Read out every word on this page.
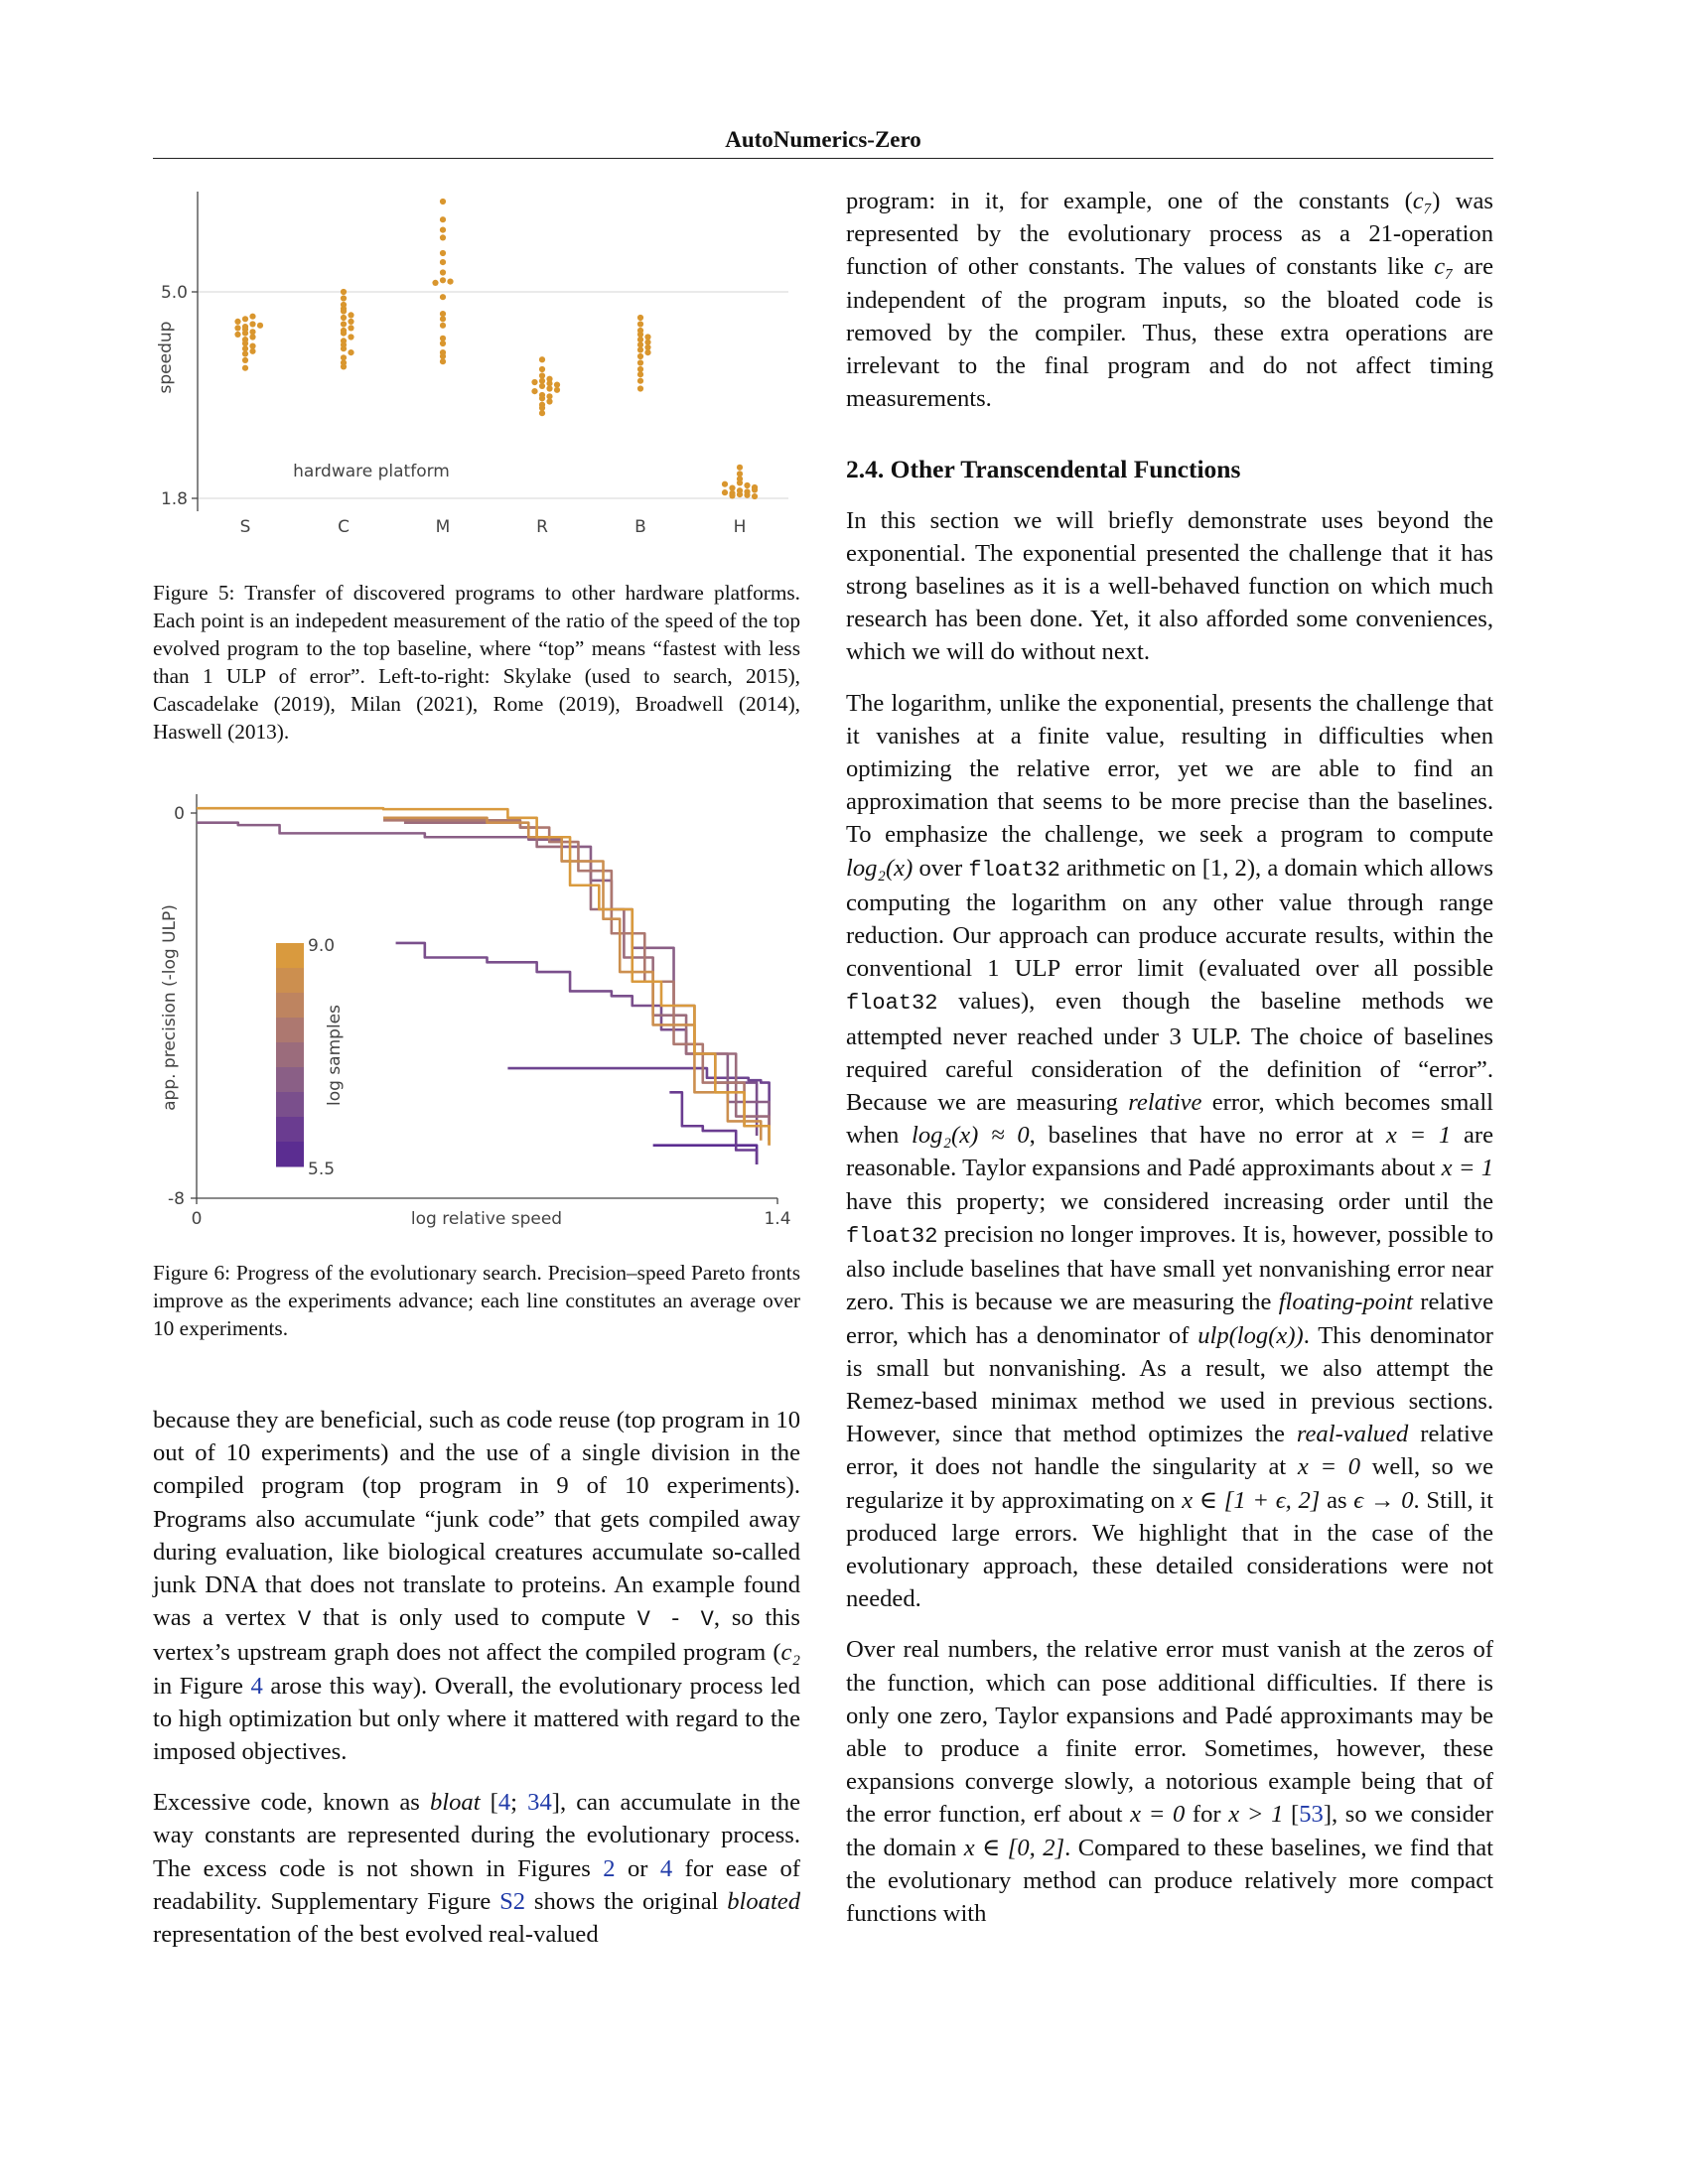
AutoNumerics-Zero
5.0
1.8
speedup
hardware platform
S	C	M	R	B	H
Figure 5: Transfer of discovered programs to other hardware platforms. Each point is an indepedent measurement of the ratio of the speed of the top evolved program to the top baseline, where “top” means “fastest with less than 1 ULP of error”. Left-to-right: Skylake (used to search, 2015), Cascadelake (2019), Milan (2021), Rome (2019), Broadwell (2014), Haswell (2013).
0
-8
0	1.4
log relative speed
app. precision (-log ULP)	9.0
5.5
log samples
Figure 6: Progress of the evolutionary search. Precision–speed Pareto fronts improve as the experiments advance; each line constitutes an average over 10 experiments.

because they are beneficial, such as code reuse (top program in 10 out of 10 experiments) and the use of a single division in the compiled program (top program in 9 of 10 experiments). Programs also accumulate “junk code” that gets compiled away during evaluation, like biological creatures accumulate so-called junk DNA that does not translate to proteins. An example found was a vertex V that is only used to compute V - V, so this vertex’s upstream graph does not affect the compiled program (c₂ in Figure 4 arose this way). Overall, the evolutionary process led to high optimization but only where it mattered with regard to the imposed objectives.

Excessive code, known as bloat [4; 34], can accumulate in the way constants are represented during the evolutionary process. The excess code is not shown in Figures 2 or 4 for ease of readability. Supplementary Figure S2 shows the original bloated representation of the best evolved real-valued

program: in it, for example, one of the constants (c₇) was represented by the evolutionary process as a 21-operation function of other constants. The values of constants like c₇ are independent of the program inputs, so the bloated code is removed by the compiler. Thus, these extra operations are irrelevant to the final program and do not affect timing measurements.

2.4. Other Transcendental Functions

In this section we will briefly demonstrate uses beyond the exponential. The exponential presented the challenge that it has strong baselines as it is a well-behaved function on which much research has been done. Yet, it also afforded some conveniences, which we will do without next.

The logarithm, unlike the exponential, presents the challenge that it vanishes at a finite value, resulting in difficulties when optimizing the relative error, yet we are able to find an approximation that seems to be more precise than the baselines. To emphasize the challenge, we seek a program to compute log₂(x) over float32 arithmetic on [1, 2), a domain which allows computing the logarithm on any other value through range reduction. Our approach can produce accurate results, within the conventional 1 ULP error limit (evaluated over all possible float32 values), even though the baseline methods we attempted never reached under 3 ULP. The choice of baselines required careful consideration of the definition of “error”. Because we are measuring relative error, which becomes small when log₂(x) ≈ 0, baselines that have no error at x = 1 are reasonable. Taylor expansions and Padé approximants about x = 1 have this property; we considered increasing order until the float32 precision no longer improves. It is, however, possible to also include baselines that have small yet nonvanishing error near zero. This is because we are measuring the floating-point relative error, which has a denominator of ulp(log(x)). This denominator is small but nonvanishing. As a result, we also attempt the Remez-based minimax method we used in previous sections. However, since that method optimizes the real-valued relative error, it does not handle the singularity at x = 0 well, so we regularize it by approximating on x ∈ [1 + ϵ, 2] as ϵ → 0. Still, it produced large errors. We highlight that in the case of the evolutionary approach, these detailed considerations were not needed.

Over real numbers, the relative error must vanish at the zeros of the function, which can pose additional difficulties. If there is only one zero, Taylor expansions and Padé approximants may be able to produce a finite error. Sometimes, however, these expansions converge slowly, a notorious example being that of the error function, erf about x = 0 for x > 1 [53], so we consider the domain x ∈ [0, 2]. Compared to these baselines, we find that the evolutionary method can produce relatively more compact functions with
